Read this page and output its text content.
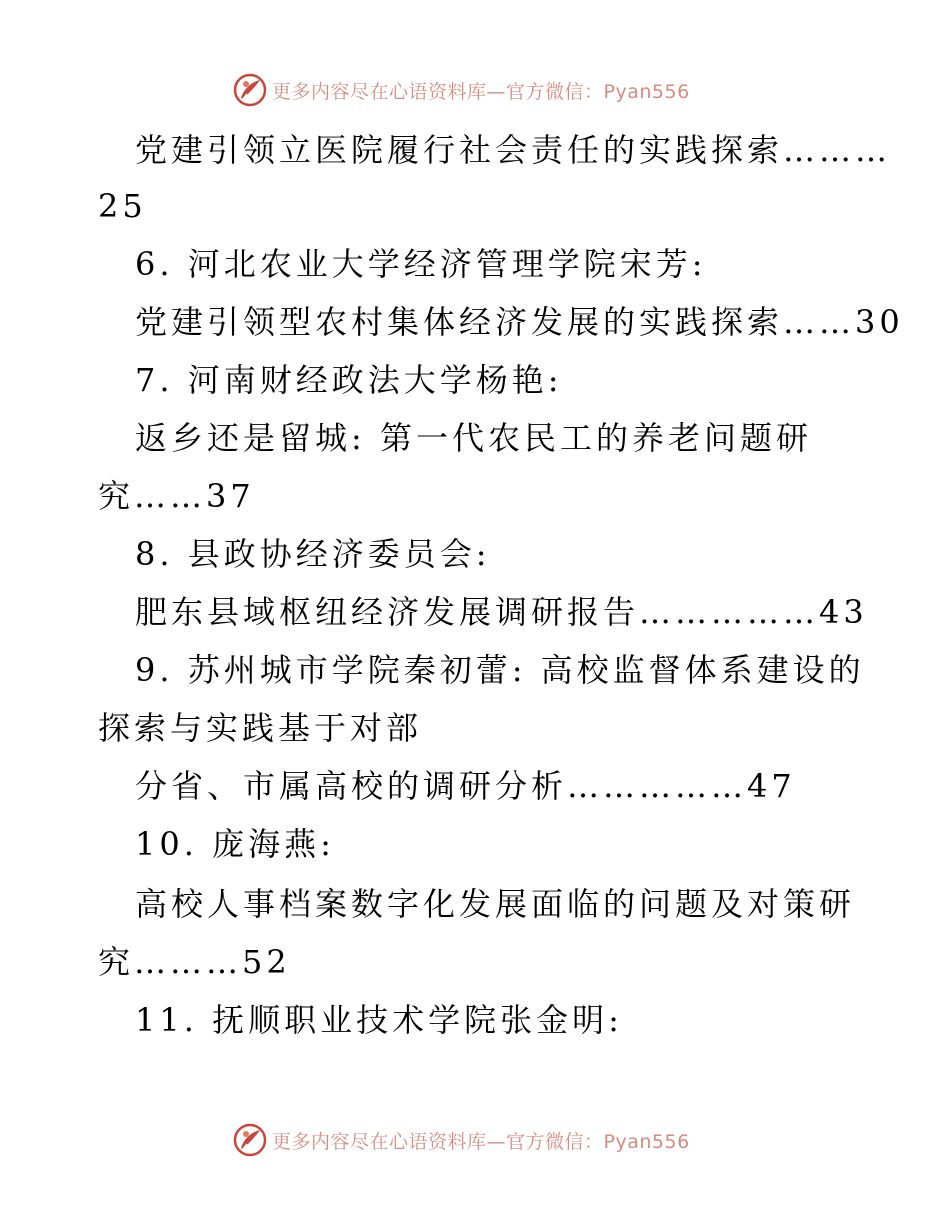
更多内容尽在心语资料库—官方微信：Pyan556
党建引领立医院履行社会责任的实践探索………
25
6. 河北农业大学经济管理学院宋芳:
党建引领型农村集体经济发展的实践探索……30
7. 河南财经政法大学杨艳:
返乡还是留城: 第一代农民工的养老问题研
究……37
8. 县政协经济委员会:
肥东县域枢纽经济发展调研报告……………43
9. 苏州城市学院秦初蕾: 高校监督体系建设的
探索与实践基于对部
分省、市属高校的调研分析……………47
10. 庞海燕:
高校人事档案数字化发展面临的问题及对策研
究………52
11. 抚顺职业技术学院张金明:
更多内容尽在心语资料库—官方微信：Pyan556
